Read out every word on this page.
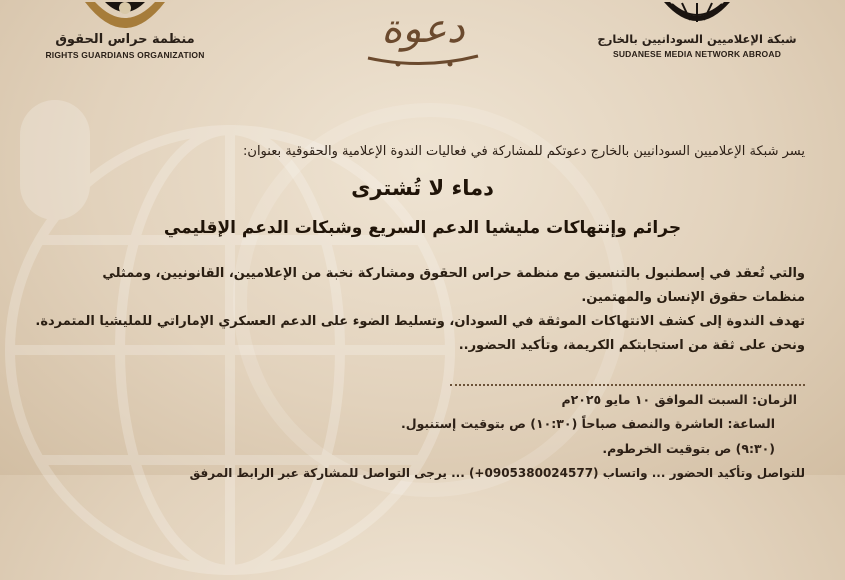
شبكة الإعلاميين السودانيين بالخارج
SUDANESE MEDIA NETWORK ABROAD
منظمة حراس الحقوق
RIGHTS GUARDIANS ORGANIZATION
دعوة
يسر شبكة الإعلاميين السودانيين بالخارج دعوتكم للمشاركة في فعاليات الندوة الإعلامية والحقوقية بعنوان:
دماء لا تُشترى
جرائم وإنتهاكات مليشيا الدعم السريع وشبكات الدعم الإقليمي
والتي تُعقد في إسطنبول بالتنسيق مع منظمة حراس الحقوق ومشاركة نخبة من الإعلاميين، القانونيين، وممثلي
منظمات حقوق الإنسان والمهتمين.
تهدف الندوة إلى كشف الانتهاكات الموثقة في السودان، وتسليط الضوء على الدعم العسكري الإماراتي للمليشيا المتمردة.
ونحن على ثقة من استجابتكم الكريمة، وتأكيد الحضور..
الزمان: السبت الموافق ١٠ مايو ٢٠٢٥م
الساعة: العاشرة والنصف صباحاً (١٠:٣٠) ص بتوقيت إستنبول.
(٩:٣٠) ص بتوقيت الخرطوم.
للتواصل وتأكيد الحضور ... واتساب (0905380024577+) ... يرجى التواصل للمشاركة عبر الرابط المرفق
